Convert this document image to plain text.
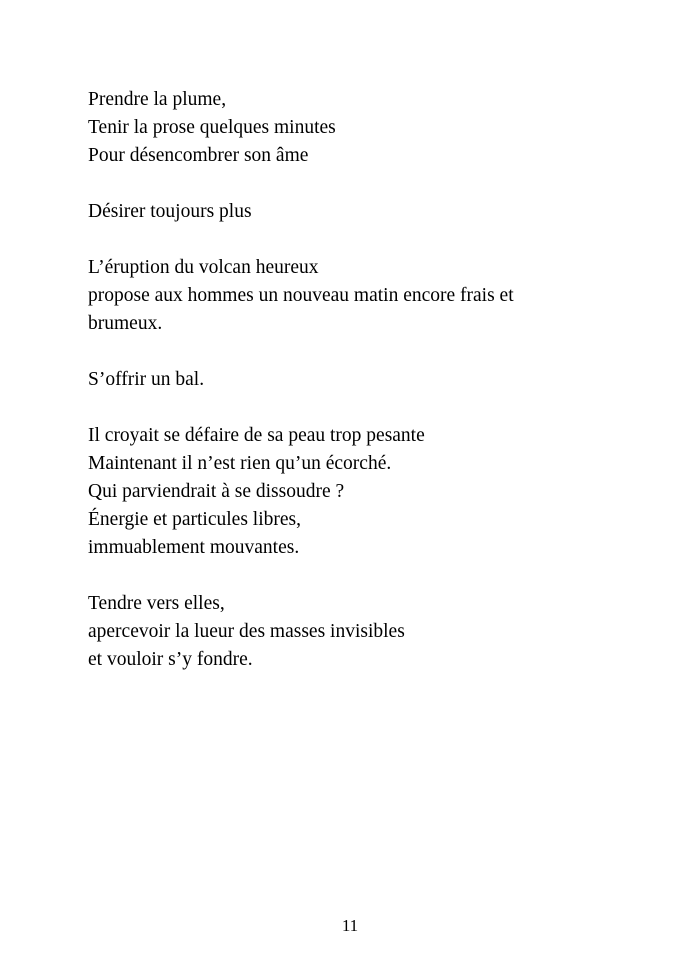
Prendre la plume,
Tenir la prose quelques minutes
Pour désencombrer son âme
Désirer toujours plus
L’éruption du volcan heureux
propose aux hommes un nouveau matin encore frais et
brumeux.
S’offrir un bal.
Il croyait se défaire de sa peau trop pesante
Maintenant il n’est rien qu’un écorché.
Qui parviendrait à se dissoudre ?
Énergie et particules libres,
immuablement mouvantes.
Tendre vers elles,
apercevoir la lueur des masses invisibles
et vouloir s’y fondre.
11
